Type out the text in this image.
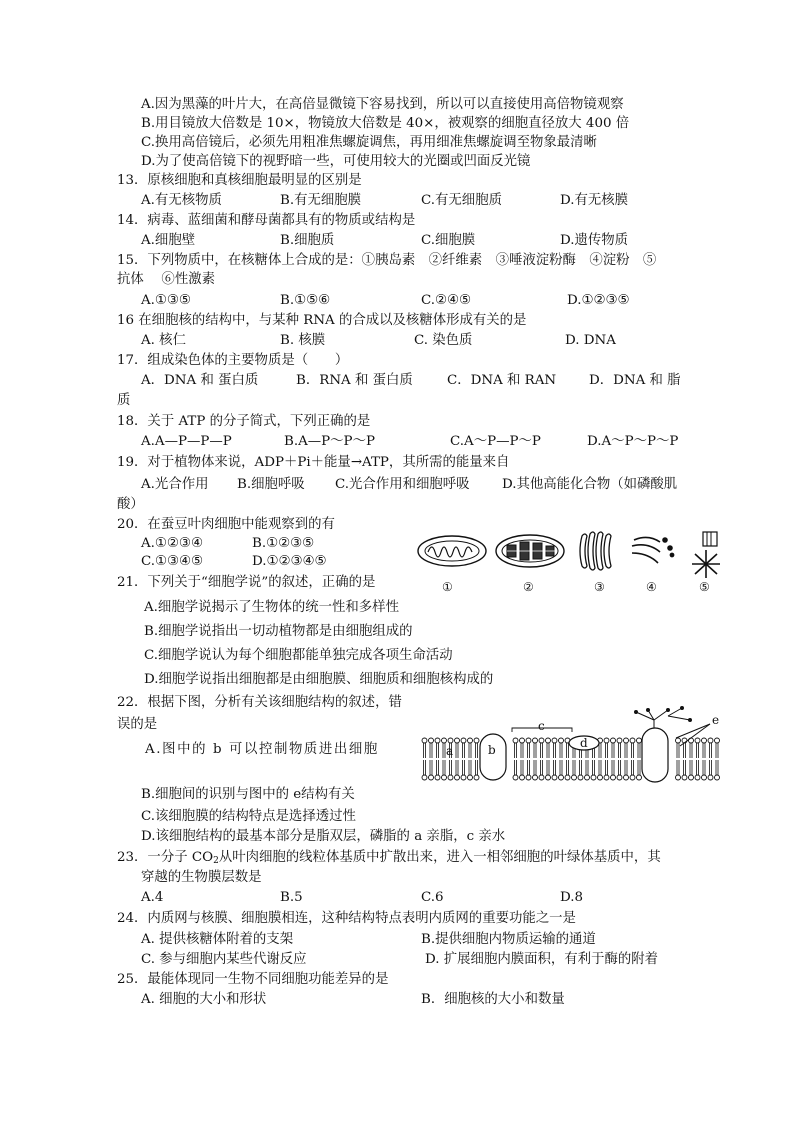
A.因为黑藻的叶片大，在高倍显微镜下容易找到，所以可以直接使用高倍物镜观察
B.用目镜放大倍数是 10×，物镜放大倍数是 40×，被观察的细胞直径放大 400 倍
C.换用高倍镜后，必须先用粗准焦螺旋调焦，再用细准焦螺旋调至物象最清晰
D.为了使高倍镜下的视野暗一些，可使用较大的光圈或凹面反光镜
13．原核细胞和真核细胞最明显的区别是
A.有无核物质	B.有无细胞膜	C.有无细胞质	D.有无核膜
14．病毒、蓝细菌和酵母菌都具有的物质或结构是
A.细胞壁	B.细胞质	C.细胞膜	D.遗传物质
15．下列物质中，在核糖体上合成的是：①胰岛素　②纤维素　③唾液淀粉酶　④淀粉　⑤
抗体　 ⑥性激素
A.①③⑤	B.①⑤⑥	C.②④⑤	D.①②③⑤
16 在细胞核的结构中，与某种 RNA 的合成以及核糖体形成有关的是
A. 核仁	B. 核膜	C. 染色质	D. DNA
17．组成染色体的主要物质是（　　）
A．DNA 和 蛋白质	B．RNA 和 蛋白质	C．DNA 和 RAN D．DNA 和 脂
质
18．关于 ATP 的分子简式，下列正确的是
A.A—P—P—P	B.A—P～P～P	C.A～P—P～P	D.A～P～P～P
19．对于植物体来说，ADP＋Pi＋能量→ATP，其所需的能量来自
A.光合作用 B.细胞呼吸 C.光合作用和细胞呼吸 D.其他高能化合物（如磷酸肌
酸）
20．在蚕豆叶肉细胞中能观察到的有
A.①②③④	B.①②③⑤
C.①③④⑤	D.①②③④⑤
①	②	③	④	⑤
21．下列关于“细胞学说”的叙述，正确的是
A.细胞学说揭示了生物体的统一性和多样性
B.细胞学说指出一切动植物都是由细胞组成的
C.细胞学说认为每个细胞都能单独完成各项生命活动
D.细胞学说指出细胞都是由细胞膜、细胞质和细胞核构成的
22．根据下图，分析有关该细胞结构的叙述，错
误的是
A.图中的 b 可以控制物质进出细胞	a	b
c
d
e
B.细胞间的识别与图中的 e结构有关
C.该细胞膜的结构特点是选择透过性
D.该细胞结构的最基本部分是脂双层，磷脂的 a 亲脂，c 亲水
23．一分子 $CO_2$从叶肉细胞的线粒体基质中扩散出来，进入一相邻细胞的叶绿体基质中，其
穿越的生物膜层数是
A.4	B.5	C.6	D.8
24．内质网与核膜、细胞膜相连，这种结构特点表明内质网的重要功能之一是
A. 提供核糖体附着的支架	B.提供细胞内物质运输的通道
C. 参与细胞内某些代谢反应	D. 扩展细胞内膜面积，有利于酶的附着
25．最能体现同一生物不同细胞功能差异的是
A. 细胞的大小和形状	B．细胞核的大小和数量
